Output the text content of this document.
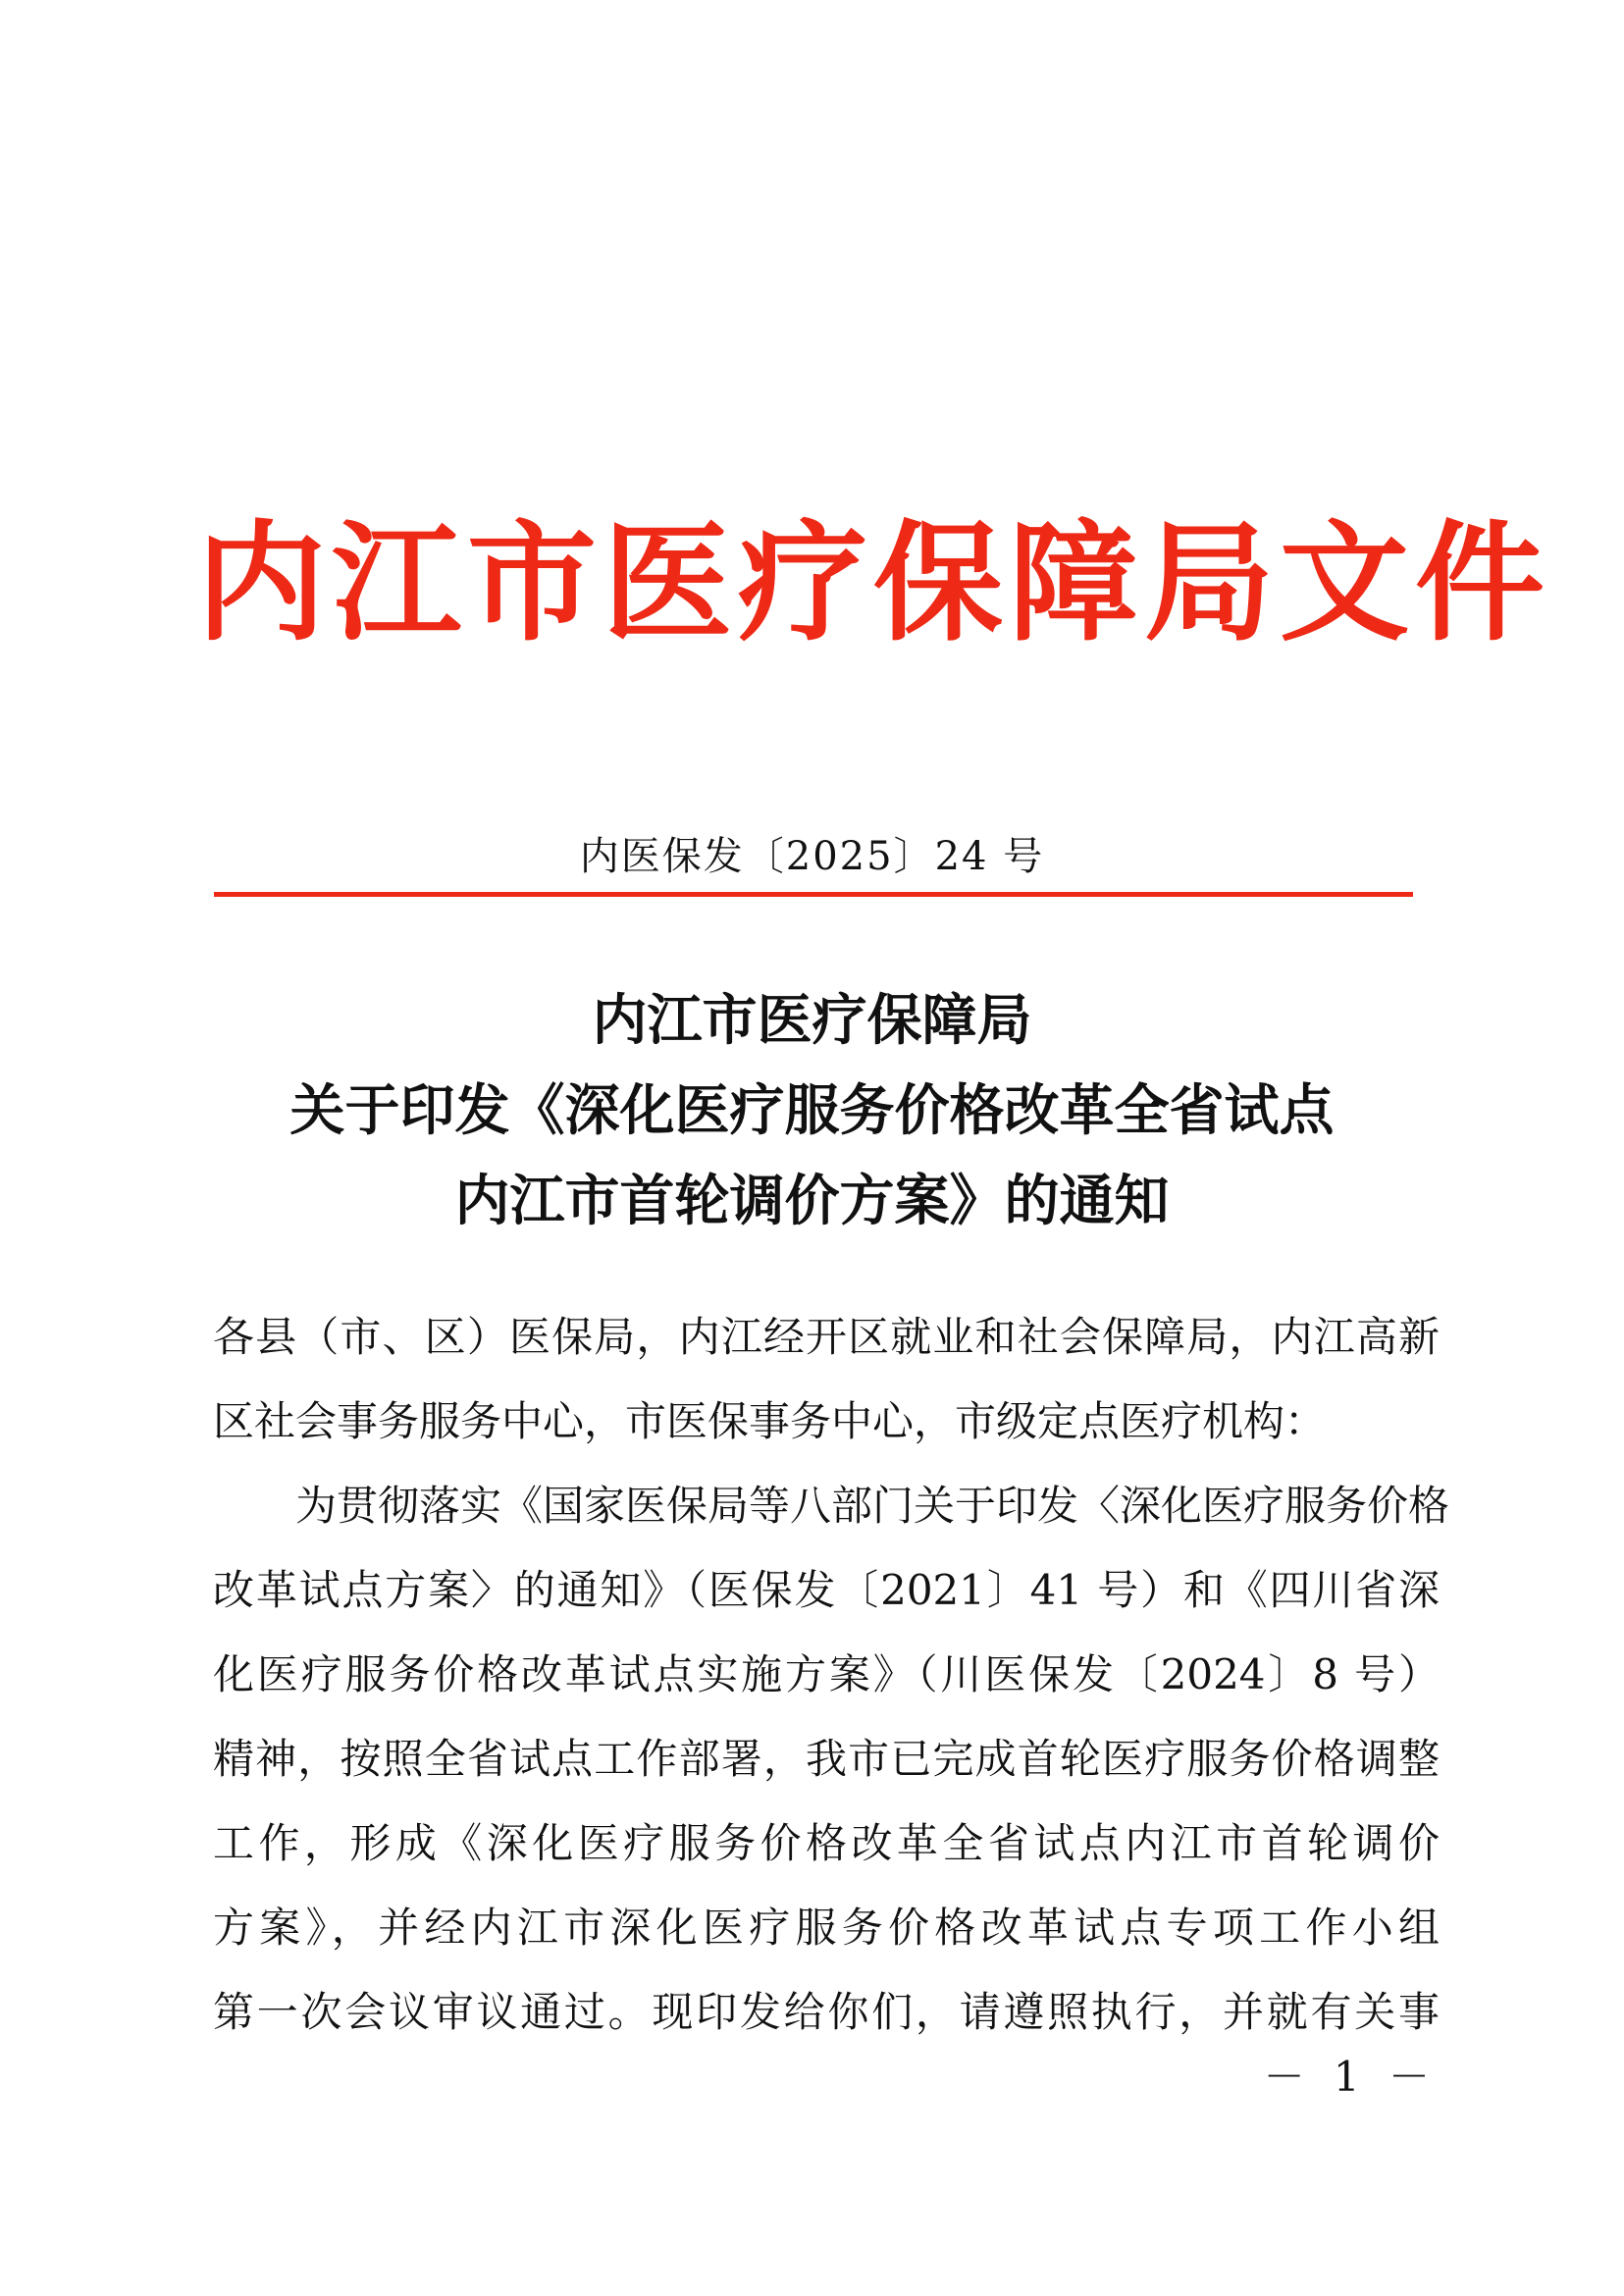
内江市医疗保障局文件
内医保发〔2025〕24 号
内江市医疗保障局
关于印发《深化医疗服务价格改革全省试点
内江市首轮调价方案》的通知
各县（市、区）医保局，内江经开区就业和社会保障局，内江高新
区社会事务服务中心，市医保事务中心，市级定点医疗机构：
为贯彻落实《国家医保局等八部门关于印发〈深化医疗服务价格
改革试点方案〉的通知》（医保发〔2021〕41 号）和《四川省深
化医疗服务价格改革试点实施方案》（川医保发〔2024〕8 号）
精神，按照全省试点工作部署，我市已完成首轮医疗服务价格调整
工作，形成《深化医疗服务价格改革全省试点内江市首轮调价
方案》，并经内江市深化医疗服务价格改革试点专项工作小组
第一次会议审议通过。现印发给你们，请遵照执行，并就有关事
－ 1 －
